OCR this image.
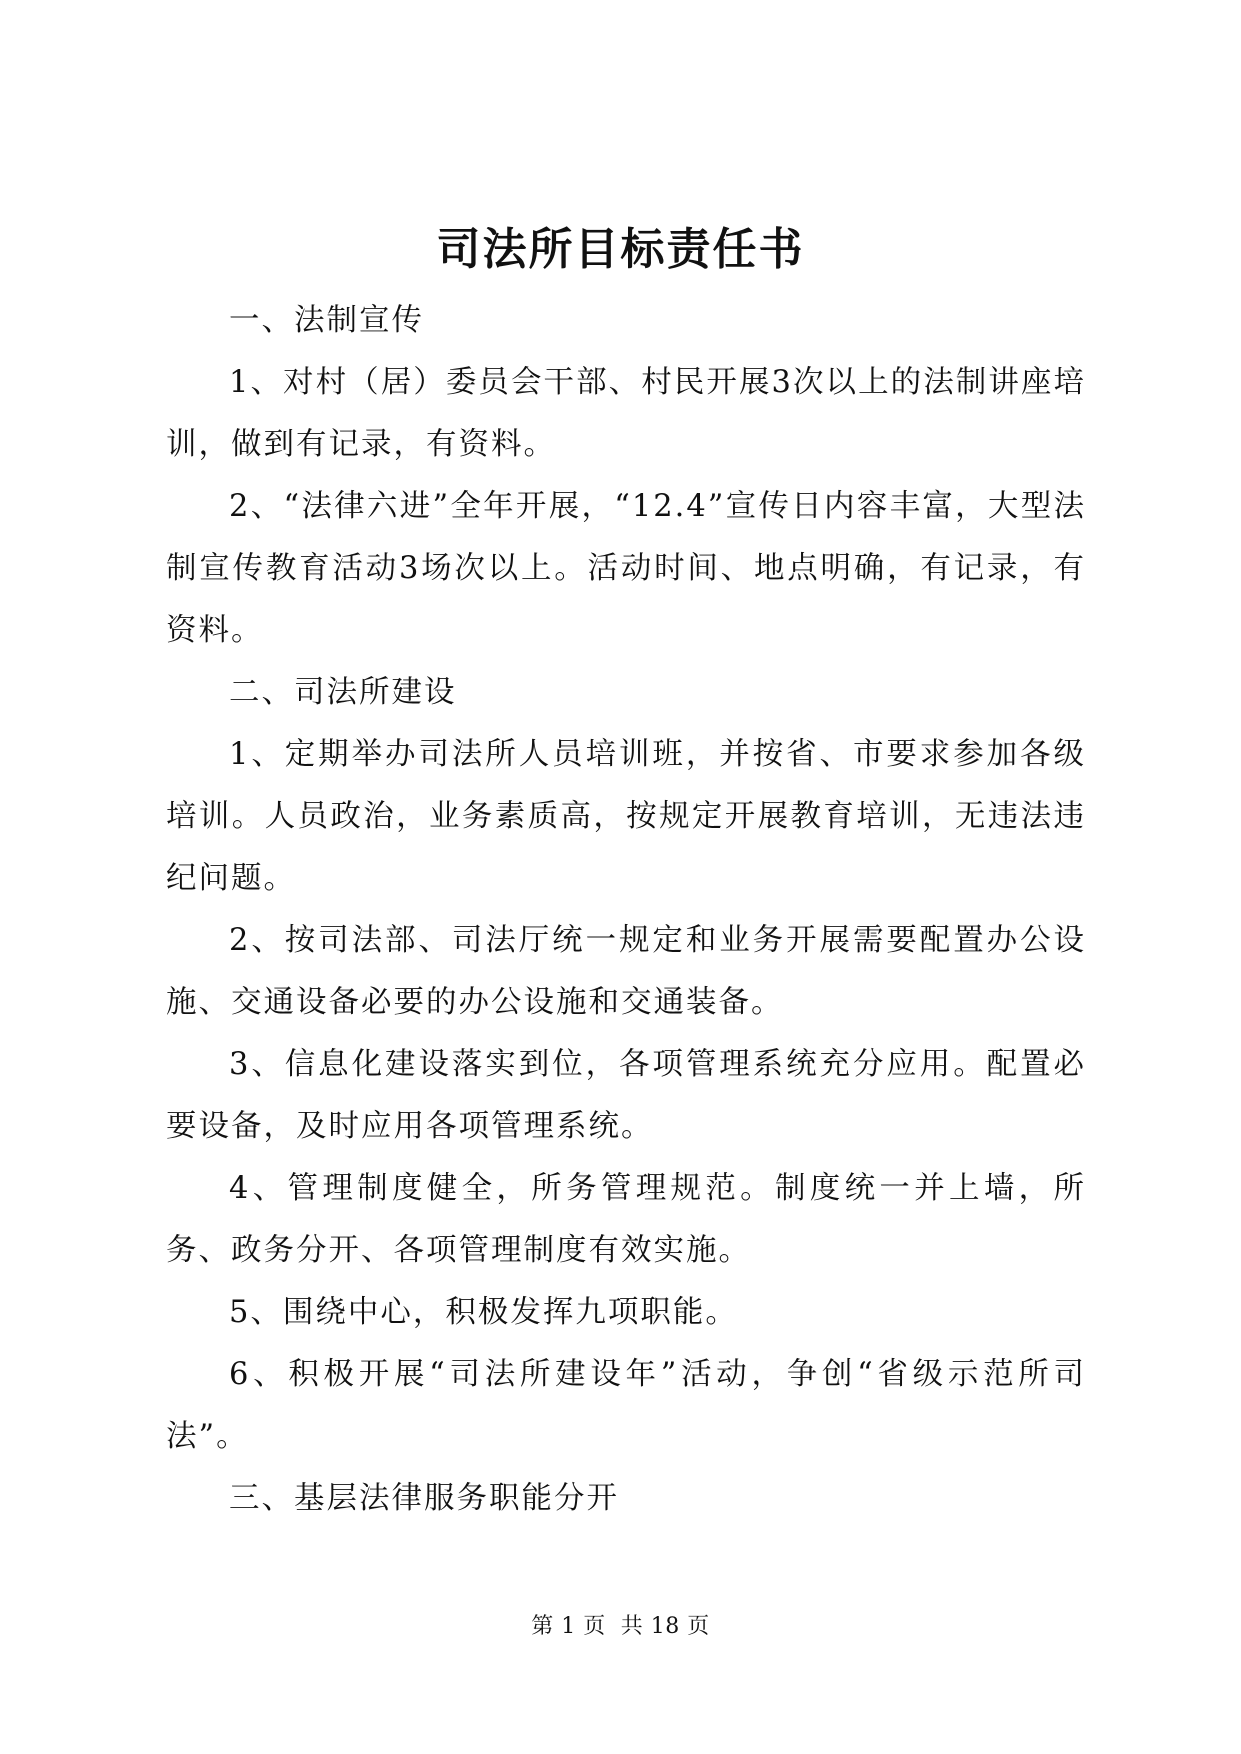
司法所目标责任书

一、法制宣传

1、对村（居）委员会干部、村民开展3次以上的法制讲座培训，做到有记录，有资料。

2、“法律六进”全年开展，“12.4”宣传日内容丰富，大型法制宣传教育活动3场次以上。活动时间、地点明确，有记录，有资料。

二、司法所建设

1、定期举办司法所人员培训班，并按省、市要求参加各级培训。人员政治，业务素质高，按规定开展教育培训，无违法违纪问题。

2、按司法部、司法厅统一规定和业务开展需要配置办公设施、交通设备必要的办公设施和交通装备。

3、信息化建设落实到位，各项管理系统充分应用。配置必要设备，及时应用各项管理系统。

4、管理制度健全，所务管理规范。制度统一并上墙，所务、政务分开、各项管理制度有效实施。

5、围绕中心，积极发挥九项职能。

6、积极开展“司法所建设年”活动，争创“省级示范所司法”。

三、基层法律服务职能分开

第 1 页  共 18 页
